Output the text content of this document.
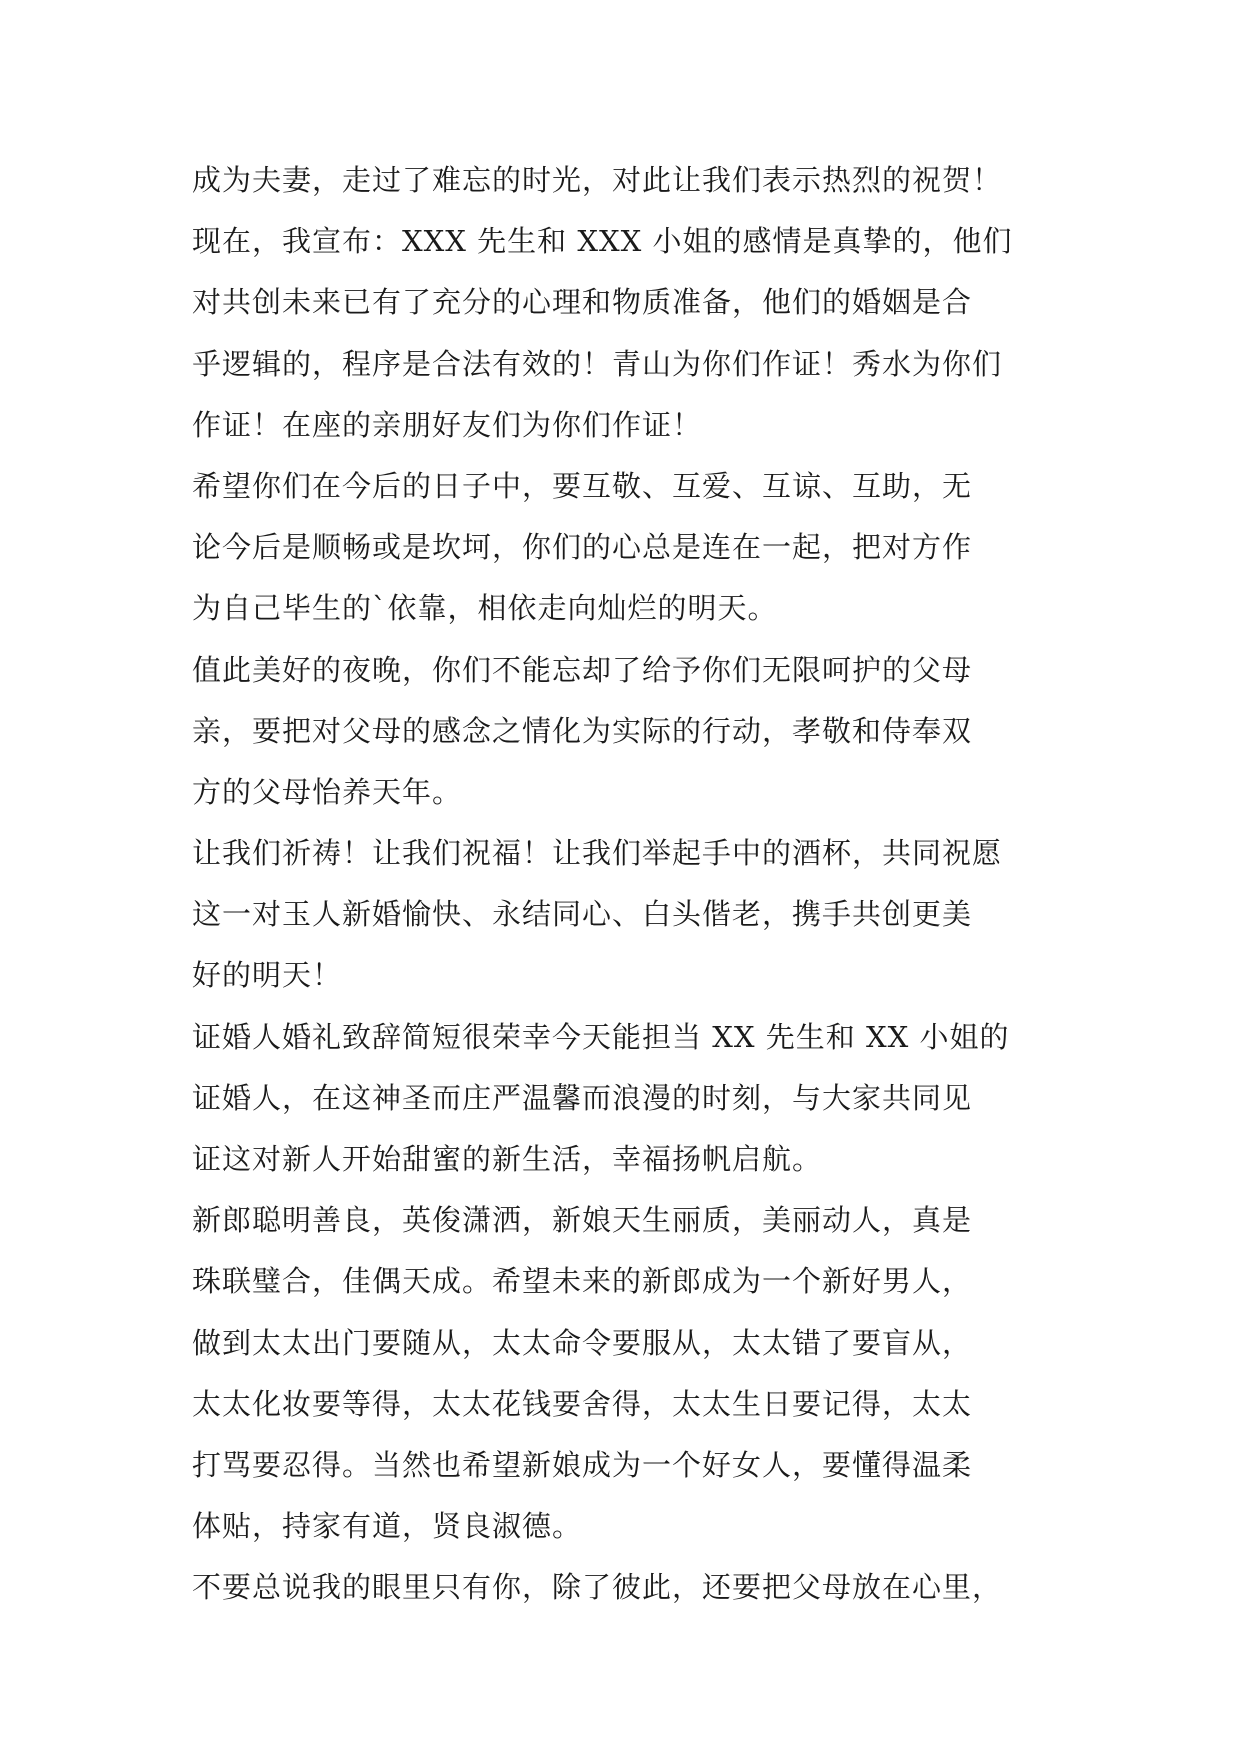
成为夫妻，走过了难忘的时光，对此让我们表示热烈的祝贺！
现在，我宣布：XXX 先生和 XXX 小姐的感情是真挚的，他们
对共创未来已有了充分的心理和物质准备，他们的婚姻是合
乎逻辑的，程序是合法有效的！青山为你们作证！秀水为你们
作证！在座的亲朋好友们为你们作证！
希望你们在今后的日子中，要互敬、互爱、互谅、互助，无
论今后是顺畅或是坎坷，你们的心总是连在一起，把对方作
为自己毕生的`依靠，相依走向灿烂的明天。
值此美好的夜晚，你们不能忘却了给予你们无限呵护的父母
亲，要把对父母的感念之情化为实际的行动，孝敬和侍奉双
方的父母怡养天年。
让我们祈祷！让我们祝福！让我们举起手中的酒杯，共同祝愿
这一对玉人新婚愉快、永结同心、白头偕老，携手共创更美
好的明天！
证婚人婚礼致辞简短很荣幸今天能担当 XX 先生和 XX 小姐的
证婚人，在这神圣而庄严温馨而浪漫的时刻，与大家共同见
证这对新人开始甜蜜的新生活，幸福扬帆启航。
新郎聪明善良，英俊潇洒，新娘天生丽质，美丽动人，真是
珠联璧合，佳偶天成。希望未来的新郎成为一个新好男人，
做到太太出门要随从，太太命令要服从，太太错了要盲从，
太太化妆要等得，太太花钱要舍得，太太生日要记得，太太
打骂要忍得。当然也希望新娘成为一个好女人，要懂得温柔
体贴，持家有道，贤良淑德。
不要总说我的眼里只有你，除了彼此，还要把父母放在心里，
